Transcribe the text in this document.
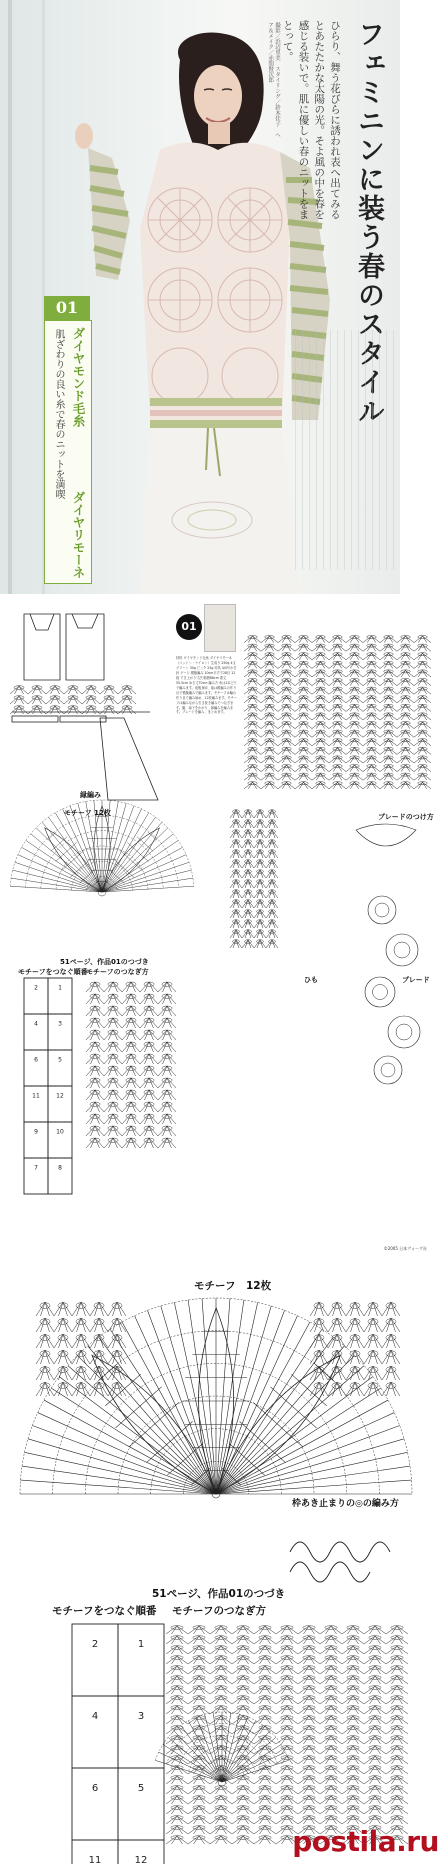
撮影／浜辺里美　スタイリング／鈴木佳子　ヘア＆メイク／赤間賢次郎	ひらり、舞う花びらに誘われ表へ出てみるとあたたかな太陽の光。そよ風の中を春を感じる装いで。肌に優しい春のニットをまとって。	フェミニンに装う春のスタイル
01
ダイヤモンド毛糸
ダイヤリモーネ
肌ざわりの良い糸で春のニットを満喫
2	1
4	3
6	5
11	12
9	10
7	8
モチーフ 12枚	ブレードのつけ方
51ページ、作品01のつづき
モチーフをつなぐ順番
モチーフのつなぎ方
ブレード
縁編み
ひも
©2005 日本ヴォーグ社
01
材料 ダイヤモンド毛糸 ダイヤリモーネ（コットン・ナイロン）生成り 250g 4玉 グリーン 30g ピンク 25g 用具 4/0号かぎ針 ゲージ 模様編み 10cm平方で28目 12段 でき上がり寸法 胸囲88cm 着丈55.5cm ゆき丈70cm 編み方 糸は1本どりで編みます。前後身頃、袖は鎖編みの作り目で模様編みで編みます。モチーフは輪の作り目で編み始め、12枚編みます。モチーフは編みながら引き抜き編みでつなぎます。脇、袖下をかがり、縁編みを編みます。ブレードを編み、まとめます。
2	1
4	3
6	5
11	12
モチーフ　12枚
枠あき止まりの◎の編み方
51ページ、作品01のつづき
モチーフをつなぐ順番 モチーフのつなぎ方
postila.ru
